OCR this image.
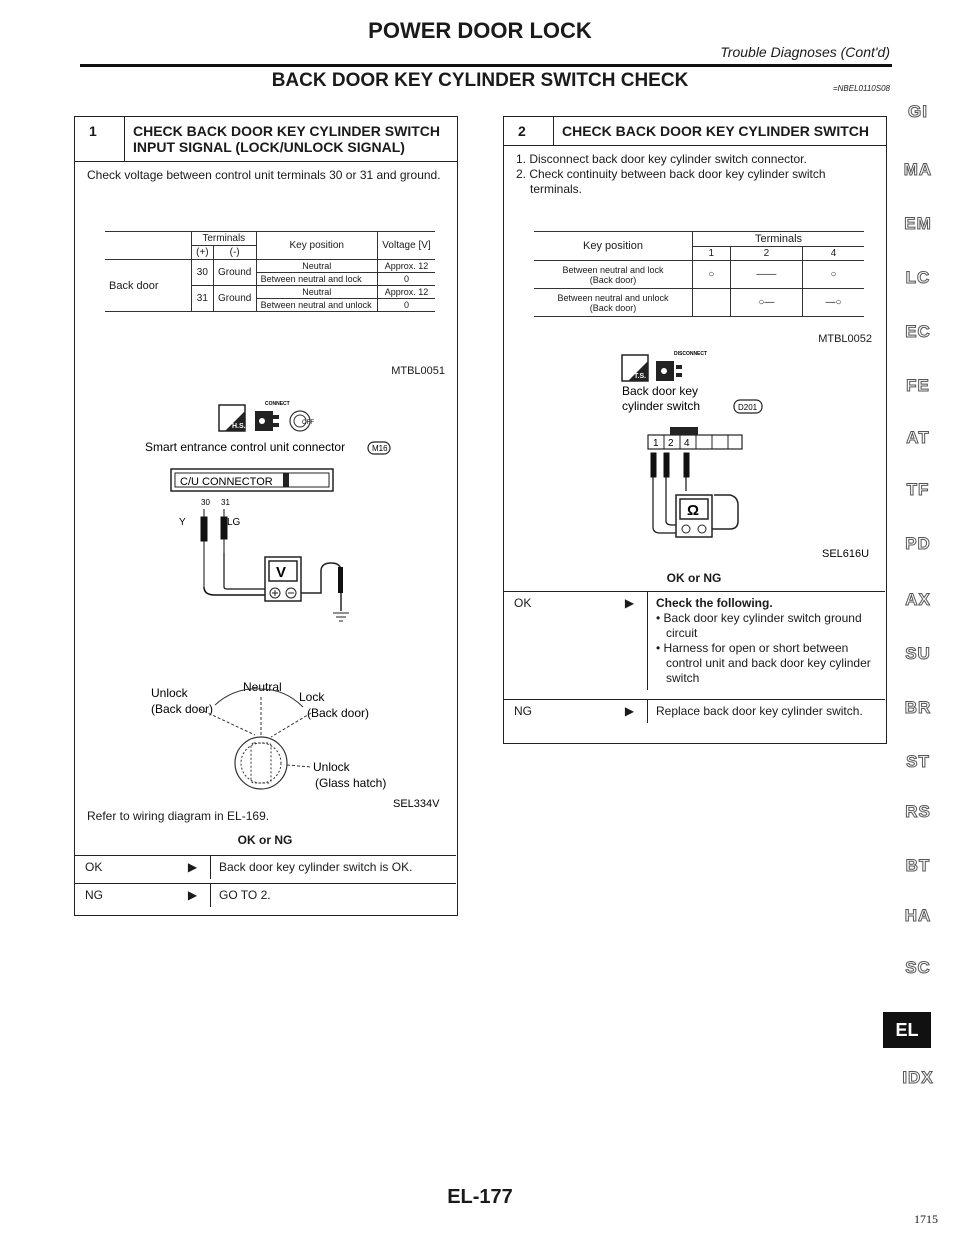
POWER DOOR LOCK
Trouble Diagnoses (Cont'd)
BACK DOOR KEY CYLINDER SWITCH CHECK	=NBEL0110S08
1	CHECK BACK DOOR KEY CYLINDER SWITCH INPUT SIGNAL (LOCK/UNLOCK SIGNAL)
Check voltage between control unit terminals 30 or 31 and ground.
	Terminals		Key position	Voltage [V]
	(+)	(-)		
Back door	30	Ground	Neutral	Approx. 12
			Between neutral and lock	0
	31	Ground	Neutral	Approx. 12
			Between neutral and unlock	0
MTBL0051
H.S.
CONNECT
OFF
Smart entrance control unit connector	M16
C/U CONNECTOR
30 31
Y	LG
V
Unlock
(Back door)
Neutral
Lock
(Back door)
Unlock
(Glass hatch)
SEL334V
Refer to wiring diagram in EL-169.
OK or NG
OK	▶	Back door key cylinder switch is OK.
NG	▶	GO TO 2.
2	CHECK BACK DOOR KEY CYLINDER SWITCH
1. Disconnect back door key cylinder switch connector.
2. Check continuity between back door key cylinder switch terminals.
Key position	Terminals		
	1	2	4

Between neutral and lock
(Back door)	○	——	○

Between neutral and unlock
(Back door)		○—	—○
MTBL0052
T.S.
DISCONNECT
Back door key
cylinder switch	D201
1 2 4
Ω
SEL616U
OK or NG
OK	▶	Check the following.
• Back door key cylinder switch ground circuit
• Harness for open or short between control unit and back door key cylinder switch
NG	▶	Replace back door key cylinder switch.
GI
MA
EM
LC
EC
FE
AT
TF
PD
AX
SU
BR
ST
RS
BT
HA
SC
EL
IDX
EL-177
1715
